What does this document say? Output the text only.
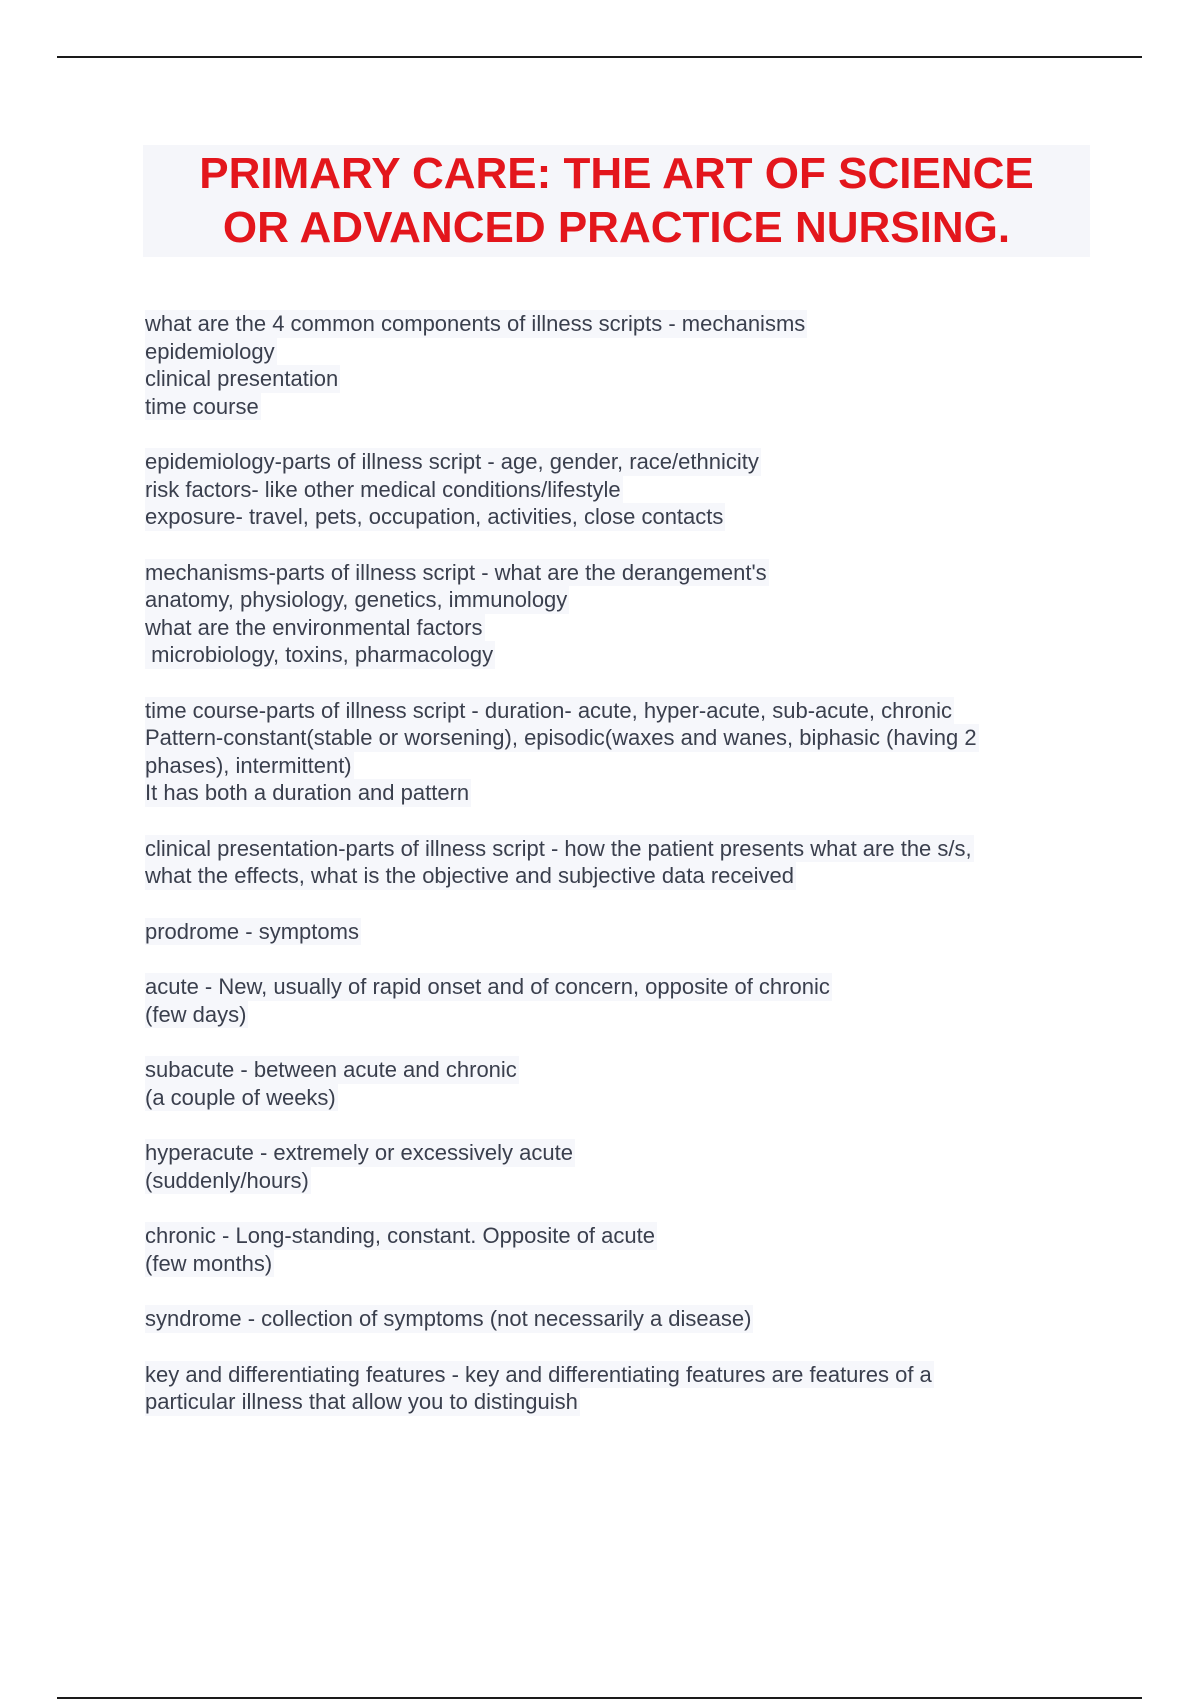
PRIMARY CARE: THE ART OF SCIENCE
OR ADVANCED PRACTICE NURSING.
what are the 4 common components of illness scripts - mechanisms
epidemiology
clinical presentation
time course
epidemiology-parts of illness script - age, gender, race/ethnicity
risk factors- like other medical conditions/lifestyle
exposure- travel, pets, occupation, activities, close contacts
mechanisms-parts of illness script - what are the derangement's
anatomy, physiology, genetics, immunology
what are the environmental factors
microbiology, toxins, pharmacology
time course-parts of illness script - duration- acute, hyper-acute, sub-acute, chronic
Pattern-constant(stable or worsening), episodic(waxes and wanes, biphasic (having 2
phases), intermittent)
It has both a duration and pattern
clinical presentation-parts of illness script - how the patient presents what are the s/s,
what the effects, what is the objective and subjective data received
prodrome - symptoms
acute - New, usually of rapid onset and of concern, opposite of chronic
(few days)
subacute - between acute and chronic
(a couple of weeks)
hyperacute - extremely or excessively acute
(suddenly/hours)
chronic - Long-standing, constant. Opposite of acute
(few months)
syndrome - collection of symptoms (not necessarily a disease)
key and differentiating features - key and differentiating features are features of a
particular illness that allow you to distinguish
